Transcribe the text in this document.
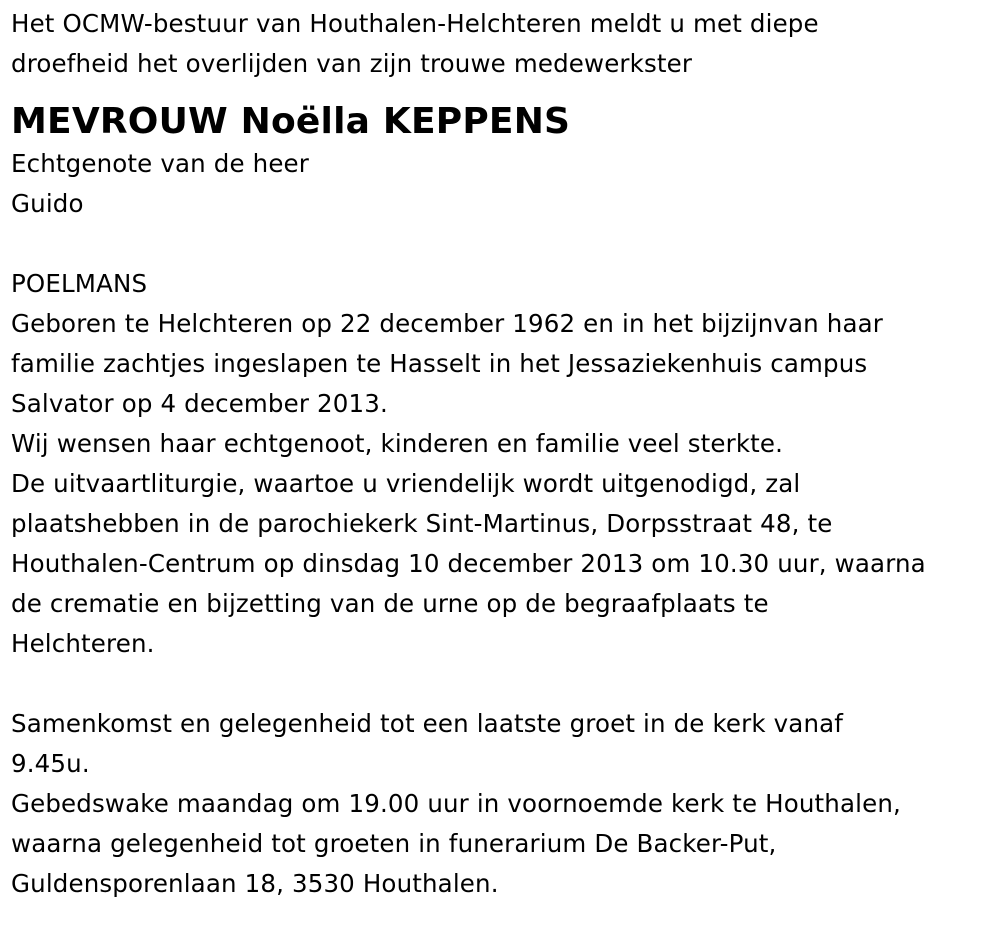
Het OCMW-bestuur van Houthalen-Helchteren meldt u met diepe
droefheid het overlijden van zijn trouwe medewerkster
MEVROUW Noëlla KEPPENS
Echtgenote van de heer
Guido
POELMANS
Geboren te Helchteren op 22 december 1962 en in het bijzijnvan haar
familie zachtjes ingeslapen te Hasselt in het Jessaziekenhuis campus
Salvator op 4 december 2013.
Wij wensen haar echtgenoot, kinderen en familie veel sterkte.
De uitvaartliturgie, waartoe u vriendelijk wordt uitgenodigd, zal
plaatshebben in de parochiekerk Sint-Martinus, Dorpsstraat 48, te
Houthalen-Centrum op dinsdag 10 december 2013 om 10.30 uur, waarna
de crematie en bijzetting van de urne op de begraafplaats te
Helchteren.
Samenkomst en gelegenheid tot een laatste groet in de kerk vanaf
9.45u.
Gebedswake maandag om 19.00 uur in voornoemde kerk te Houthalen,
waarna gelegenheid tot groeten in funerarium De Backer-Put,
Guldensporenlaan 18, 3530 Houthalen.
